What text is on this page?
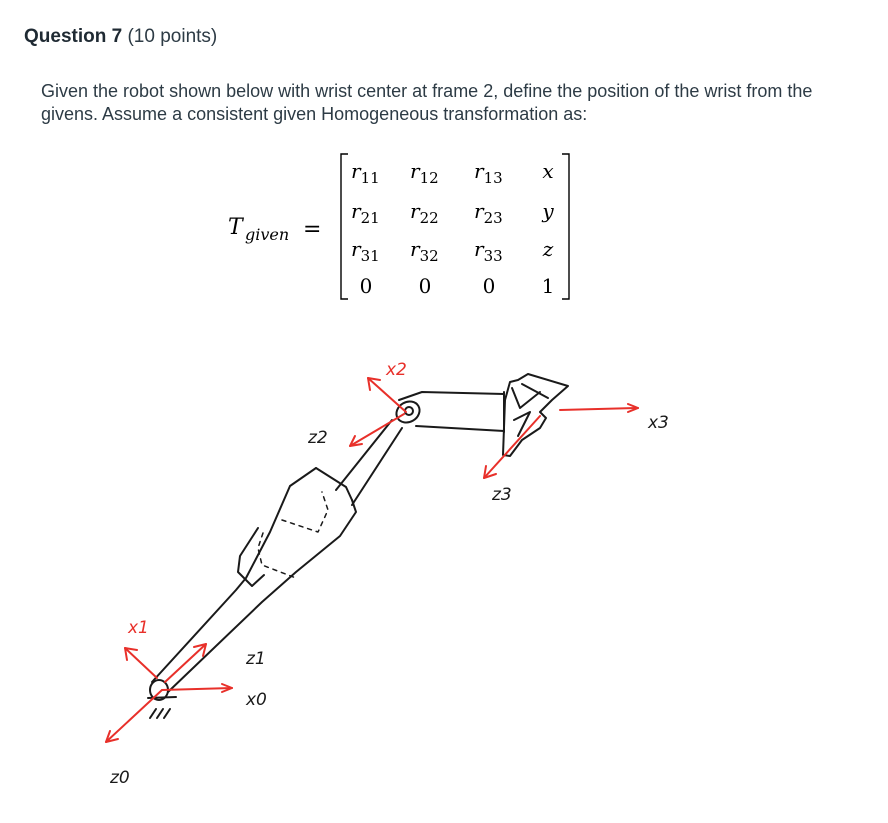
Question 7 (10 points)
Given the robot shown below with wrist center at frame 2, define the position of the wrist from the givens. Assume a consistent given Homogeneous transformation as:
T given =
$r_{11}$ $r_{12}$ $r_{13}$ x
$r_{21}$ $r_{22}$ $r_{23}$ y
$r_{31}$ $r_{32}$ $r_{33}$ z
0 0	0 1
z0
x0
x1
z1
x2
z2
x3
z3
